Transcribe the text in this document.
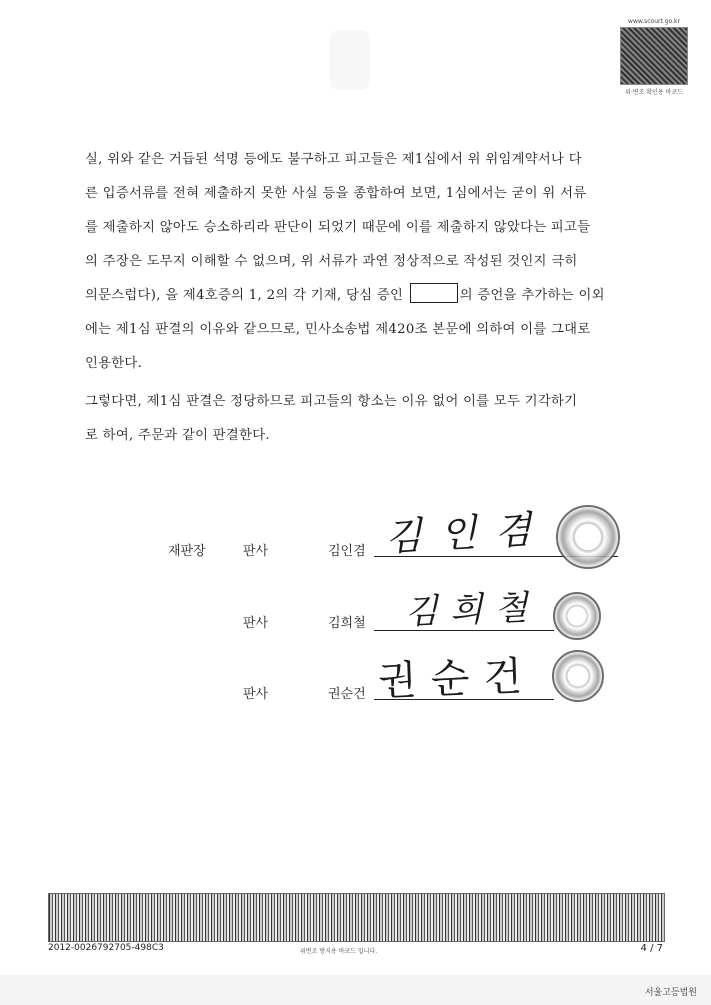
www.scourt.go.kr
위·변조 확인용 바코드
실, 위와 같은 거듭된 석명 등에도 불구하고 피고들은 제1심에서 위 위임계약서나 다
른 입증서류를 전혀 제출하지 못한 사실 등을 종합하여 보면, 1심에서는 굳이 위 서류
를 제출하지 않아도 승소하리라 판단이 되었기 때문에 이를 제출하지 않았다는 피고들
의 주장은 도무지 이해할 수 없으며, 위 서류가 과연 정상적으로 작성된 것인지 극히
의문스럽다), 을 제4호증의 1, 2의 각 기재, 당심 증인	의 증언을 추가하는 이외
에는 제1심 판결의 이유와 같으므로, 민사소송법 제420조 본문에 의하여 이를 그대로
인용한다.
그렇다면, 제1심 판결은 정당하므로 피고들의 항소는 이유 없어 이를 모두 기각하기
로 하여, 주문과 같이 판결한다.
재판장	판사	김인겸 김인겸
판사	김희철 김희철
판사	권순건 권순건
2012-0026792705-498C3	위변조 방지용 바코드 입니다.	4 / 7
서울고등법원
